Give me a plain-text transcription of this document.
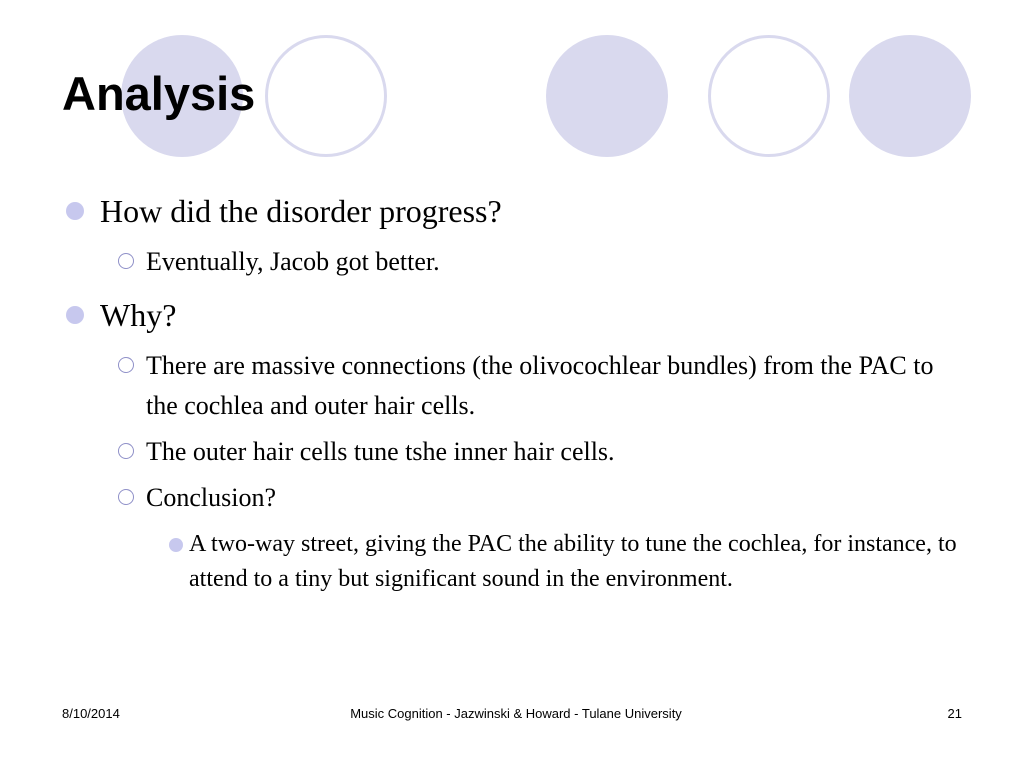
Analysis
How did the disorder progress?
Eventually, Jacob got better.
Why?
There are massive connections (the olivocochlear bundles) from the PAC to the cochlea and outer hair cells.
The outer hair cells tune tshe inner hair cells.
Conclusion?
A two-way street, giving the PAC the ability to tune the cochlea, for instance, to attend to a tiny but significant sound in the environment.
8/10/2014	Music Cognition - Jazwinski & Howard - Tulane University	21
